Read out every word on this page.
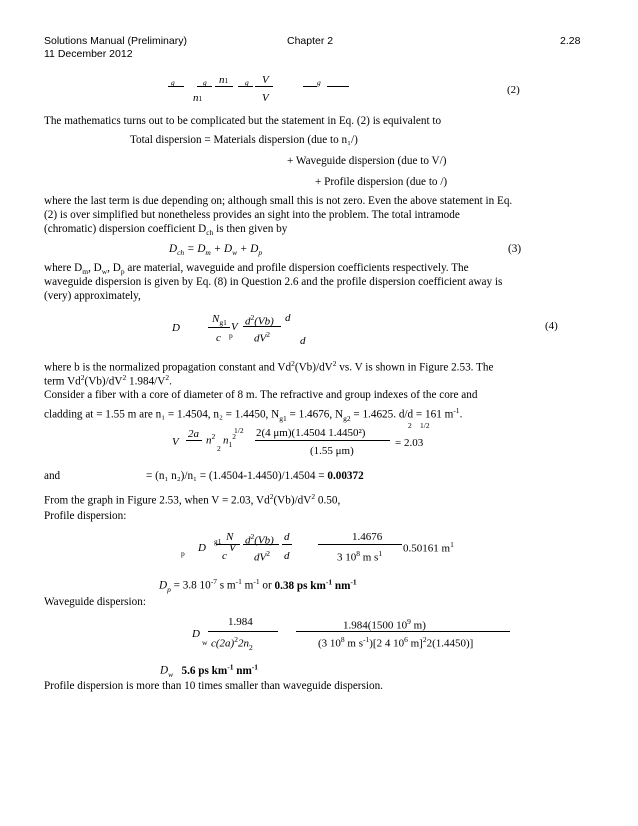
Solutions Manual (Preliminary)	Chapter 2	2.28
11 December 2012
g	g n1 g V	g
n1	V
(2)
The mathematics turns out to be complicated but the statement in Eq. (2) is equivalent to
Total dispersion = Materials dispersion (due to n₁/)
+ Waveguide dispersion (due to V/)
+ Profile dispersion (due to /)
where the last term is due depending on; although small this is not zero. Even the above statement in Eq.
(2) is over simplified but nonetheless provides an sight into the problem. The total intramode
(chromatic) dispersion coefficient $D_{ch}$ is then given by
$D_{ch} = D_m + D_w + D_p$	(3)
where $D_m$, $D_w$, $D_p$ are material, waveguide and profile dispersion coefficients respectively. The
waveguide dispersion is given by Eq. (8) in Question 2.6 and the profile dispersion coefficient away is
(very) approximately,
D
$N_{g1}$
c
V
p
$d^2(Vb)$
$dV^2$
d
d
(4)
where b is the normalized propagation constant and $Vd^2(Vb)/dV^2$ vs. V is shown in Figure 2.53. The
term $Vd^2(Vb)/dV^2$ $1.984/V^2$.
Consider a fiber with a core of diameter of 8 m. The refractive and group indexes of the core and
cladding at = 1.55 m are n₁ = 1.4504, n₂ = 1.4450, $N_{g1} = 1.4676$, $N_{g2} = 1.4625$. d/d = 161 $m^{-1}$.
V
2a
$n^2$ $n_1^2$
1/2
2
2(4 μm)(1.4504 1.4450²)
(1.55 μm)
= 2.03
2 1/2
and	= (n₁ n₂)/n₁ = (1.4504-1.4450)/1.4504 = 0.00372
From the graph in Figure 2.53, when V = 2.03, $Vd^2(Vb)/dV^2$ 0.50,
Profile dispersion:
p D
g1 N
V
c
$d^2(Vb)$
$dV^2$
d
d
1.4676
3 $10^8$ m $s^1$ 0.50161 $m^1$
$D_p = 3.8$ $10^{-7}$ s $m^{-1}$ $m^{-1}$ or 0.38 ps $km^{-1}$ $nm^{-1}$
Waveguide dispersion:
D
w
1.984
$c(2a)^22n_2$
1.984(1500 $10^9$ m)
(3 $10^8$ m $s^{-1})[2$ 4 $10^6$ m]$^2$2(1.4450)]
$D_w$ 5.6 ps $km^{-1}$ $nm^{-1}$
Profile dispersion is more than 10 times smaller than waveguide dispersion.
